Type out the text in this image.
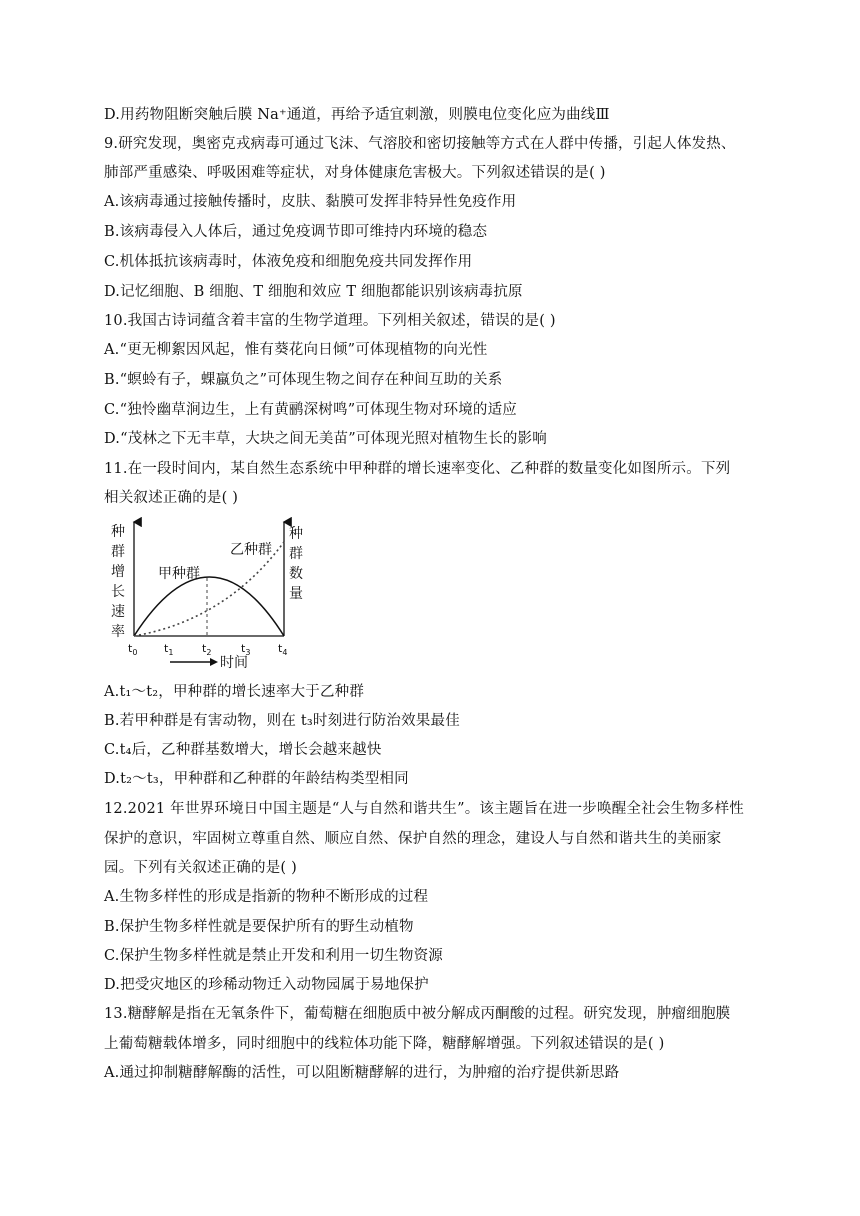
D.用药物阻断突触后膜 Na⁺通道，再给予适宜刺激，则膜电位变化应为曲线Ⅲ
9.研究发现，奥密克戎病毒可通过飞沫、气溶胶和密切接触等方式在人群中传播，引起人体发热、
肺部严重感染、呼吸困难等症状，对身体健康危害极大。下列叙述错误的是( )
A.该病毒通过接触传播时，皮肤、黏膜可发挥非特异性免疫作用
B.该病毒侵入人体后，通过免疫调节即可维持内环境的稳态
C.机体抵抗该病毒时，体液免疫和细胞免疫共同发挥作用
D.记忆细胞、B 细胞、T 细胞和效应 T 细胞都能识别该病毒抗原
10.我国古诗词蕴含着丰富的生物学道理。下列相关叙述，错误的是( )
A.“更无柳絮因风起，惟有葵花向日倾”可体现植物的向光性
B.“螟蛉有子，蜾蠃负之”可体现生物之间存在种间互助的关系
C.“独怜幽草涧边生，上有黄鹂深树鸣”可体现生物对环境的适应
D.“茂林之下无丰草，大块之间无美苗”可体现光照对植物生长的影响
11.在一段时间内，某自然生态系统中甲种群的增长速率变化、乙种群的数量变化如图所示。下列
相关叙述正确的是( )
种
群
增
长
速
率
种
群
数
量
甲种群
乙种群
$t_0$ $t_1$	$t_2$	$t_3$	$t_4$
时间
A.t₁～t₂，甲种群的增长速率大于乙种群
B.若甲种群是有害动物，则在 t₃时刻进行防治效果最佳
C.t₄后，乙种群基数增大，增长会越来越快
D.t₂～t₃，甲种群和乙种群的年龄结构类型相同
12.2021 年世界环境日中国主题是“人与自然和谐共生”。该主题旨在进一步唤醒全社会生物多样性
保护的意识，牢固树立尊重自然、顺应自然、保护自然的理念，建设人与自然和谐共生的美丽家
园。下列有关叙述正确的是( )
A.生物多样性的形成是指新的物种不断形成的过程
B.保护生物多样性就是要保护所有的野生动植物
C.保护生物多样性就是禁止开发和利用一切生物资源
D.把受灾地区的珍稀动物迁入动物园属于易地保护
13.糖酵解是指在无氧条件下，葡萄糖在细胞质中被分解成丙酮酸的过程。研究发现，肿瘤细胞膜
上葡萄糖载体增多，同时细胞中的线粒体功能下降，糖酵解增强。下列叙述错误的是( )
A.通过抑制糖酵解酶的活性，可以阻断糖酵解的进行，为肿瘤的治疗提供新思路
